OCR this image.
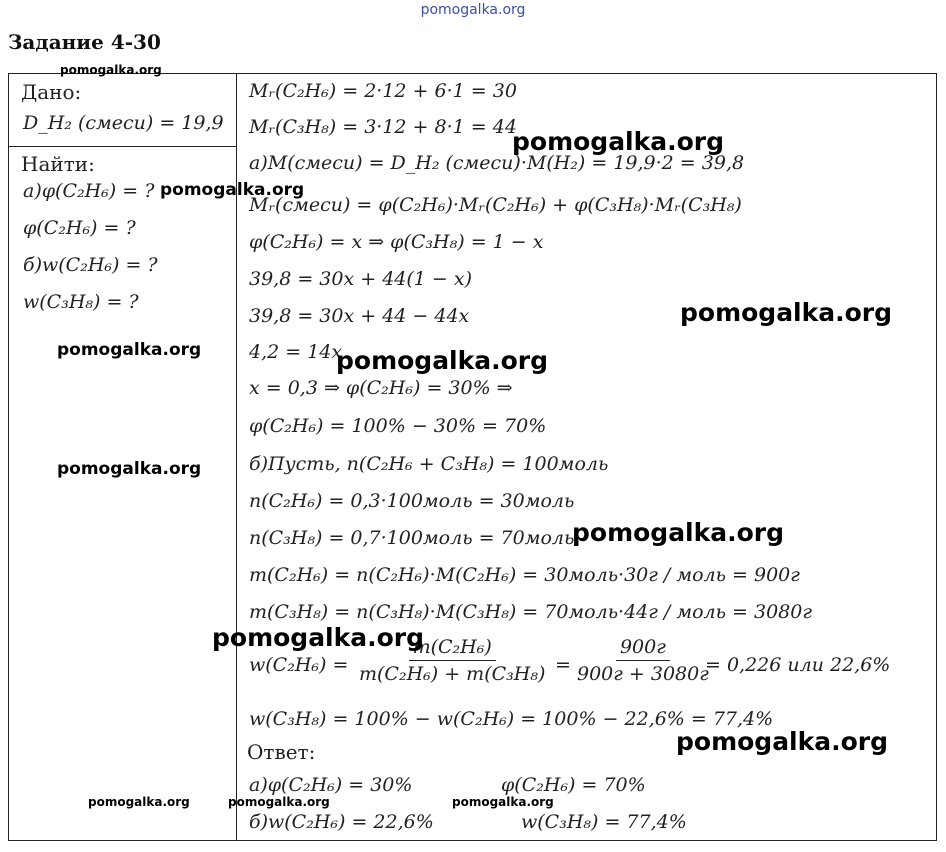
pomogalka.org
Задание 4-30
Дано:
D_H₂ (смеси) = 19,9
Найти:
а)φ(C₂H₆) = ?
φ(C₂H₆) = ?
б)w(C₂H₆) = ?
w(C₃H₈) = ?
Mᵣ(C₂H₆) = 2·12 + 6·1 = 30
Mᵣ(C₃H₈) = 3·12 + 8·1 = 44
а)M(смеси) = D_H₂ (смеси)·M(H₂) = 19,9·2 = 39,8
Mᵣ(смеси) = φ(C₂H₆)·Mᵣ(C₂H₆) + φ(C₃H₈)·Mᵣ(C₃H₈)
φ(C₂H₆) = x ⇒ φ(C₃H₈) = 1 − x
39,8 = 30x + 44(1 − x)
39,8 = 30x + 44 − 44x
4,2 = 14x
x = 0,3 ⇒ φ(C₂H₆) = 30% ⇒
φ(C₂H₆) = 100% − 30% = 70%
б)Пусть, n(C₂H₆ + C₃H₈) = 100моль
n(C₂H₆) = 0,3·100моль = 30моль
n(C₃H₈) = 0,7·100моль = 70моль
m(C₂H₆) = n(C₂H₆)·M(C₂H₆) = 30моль·30г / моль = 900г
m(C₃H₈) = n(C₃H₈)·M(C₃H₈) = 70моль·44г / моль = 3080г
$w(C_2H_6) = \frac{\text{m(C₂H₆)}}{\text{m(C₂H₆) + m(C₃H₈)}}$ =
900г
900г + 3080г
= 0,226 или 22,6%
w(C₃H₈) = 100% − w(C₂H₆) = 100% − 22,6% = 77,4%
Ответ:
а)φ(C₂H₆) = 30%	φ(C₂H₆) = 70%
б)w(C₂H₆) = 22,6%	w(C₃H₈) = 77,4%
pomogalka.org
pomogalka.org
pomogalka.org
pomogalka.org
pomogalka.org	pomogalka.org
pomogalka.org
pomogalka.org
pomogalka.org
pomogalka.org
pomogalka.org	pomogalka.org	pomogalka.org
